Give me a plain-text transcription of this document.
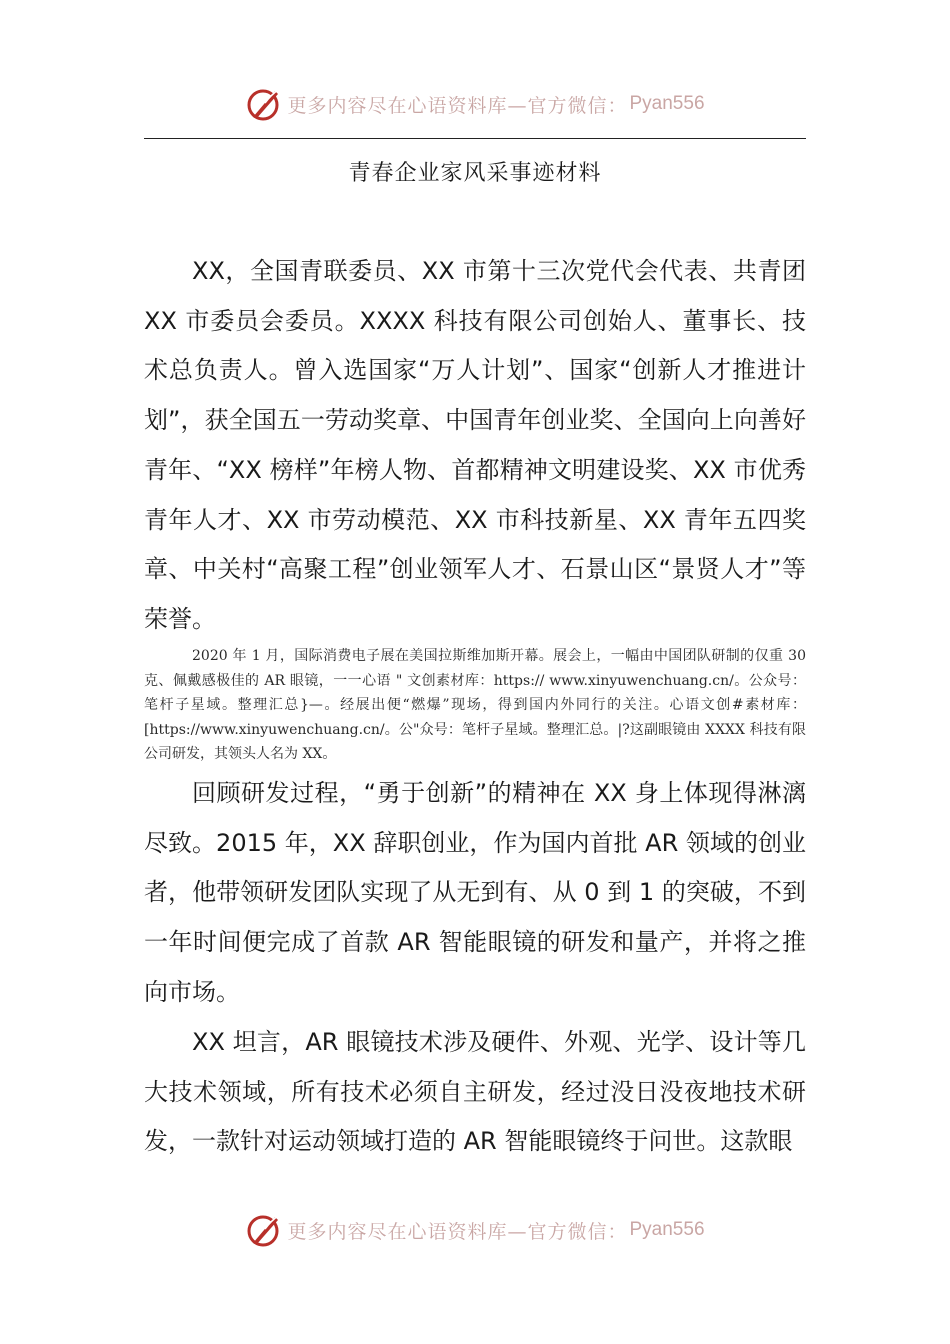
更多内容尽在心语资料库—官方微信： Pyan556
青春企业家风采事迹材料

XX，全国青联委员、XX 市第十三次党代会代表、共青团 XX 市委员会委员。XXXX 科技有限公司创始人、董事长、技术总负责人。曾入选国家“万人计划”、国家“创新人才推进计划”，获全国五一劳动奖章、中国青年创业奖、全国向上向善好青年、“XX 榜样”年榜人物、首都精神文明建设奖、XX 市优秀青年人才、XX 市劳动模范、XX 市科技新星、XX 青年五四奖章、中关村“高聚工程”创业领军人才、石景山区“景贤人才”等荣誉。

2020 年 1 月，国际消费电子展在美国拉斯维加斯开幕。展会上，一幅由中国团队研制的仅重 30 克、佩戴感极佳的 AR 眼镜，一一心语 " 文创素材库：https:// www.xinyuwenchuang.cn/。公众号：笔杆子星域。整理汇总}—。经展出便“燃爆”现场，得到国内外同行的关注。心语文创#素材库：[https://www.xinyuwenchuang.cn/。公"众号：笔杆子星域。整理汇总。|?这副眼镜由 XXXX 科技有限公司研发，其领头人名为 XX。

回顾研发过程，“勇于创新”的精神在 XX 身上体现得淋漓尽致。2015 年，XX 辞职创业，作为国内首批 AR 领域的创业者，他带领研发团队实现了从无到有、从 0 到 1 的突破，不到一年时间便完成了首款 AR 智能眼镜的研发和量产，并将之推向市场。

XX 坦言，AR 眼镜技术涉及硬件、外观、光学、设计等几大技术领域，所有技术必须自主研发，经过没日没夜地技术研发，一款针对运动领域打造的 AR 智能眼镜终于问世。这款眼

更多内容尽在心语资料库—官方微信： Pyan556
